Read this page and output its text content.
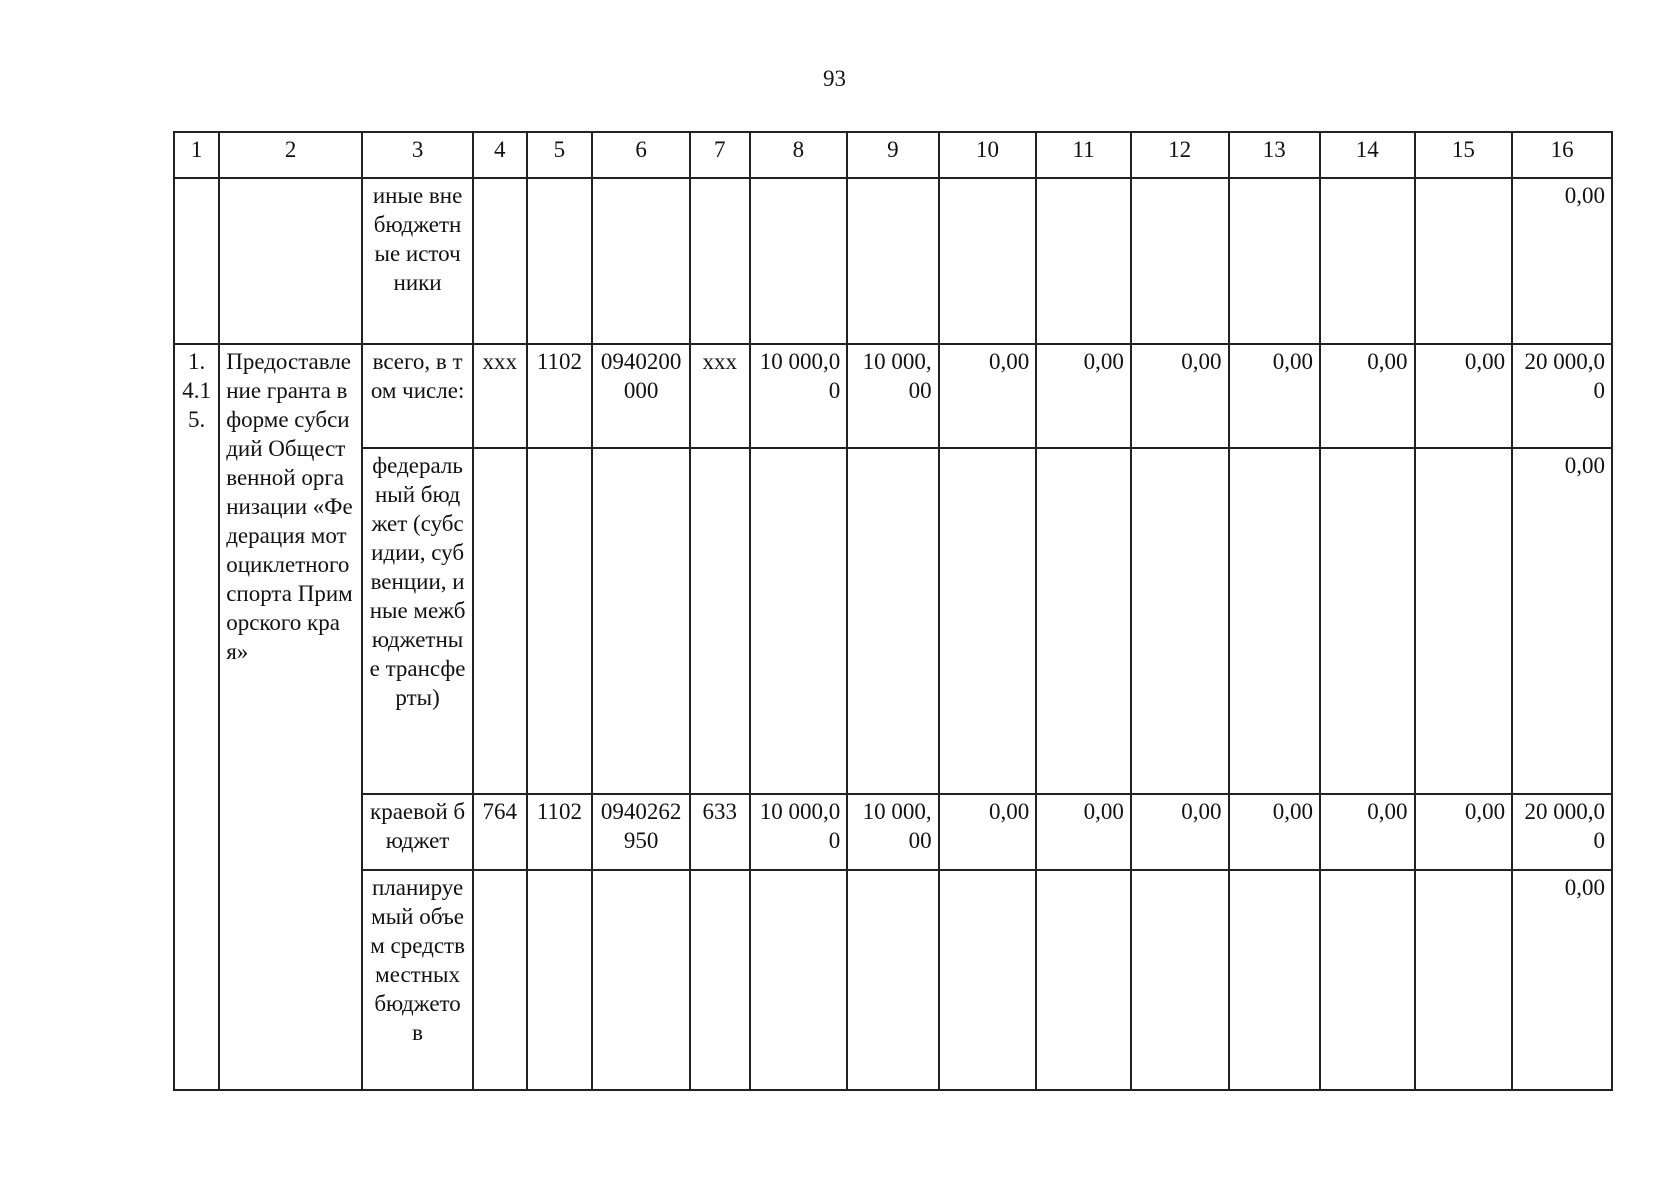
93
1	2	3	4	5	6	7	8	9	10	11	12	13	14	15	16
		иные внебюджетные источники													0,00
1.4.15.	Предоставление гранта в форме субсидий Общественной организации «Федерация мотоциклетного спорта Приморского края»	всего, в том числе:	xxx	1102	0940200000	xxx	10 000,00	10 000,00	0,00	0,00	0,00	0,00	0,00	0,00	20 000,00
		федеральный бюджет (субсидии, субвенции, иные межбюджетные трансферты)													0,00
		краевой бюджет	764	1102	0940262950	633	10 000,00	10 000,00	0,00	0,00	0,00	0,00	0,00	0,00	20 000,00
		планируемый объем средств местных бюджетов													0,00
